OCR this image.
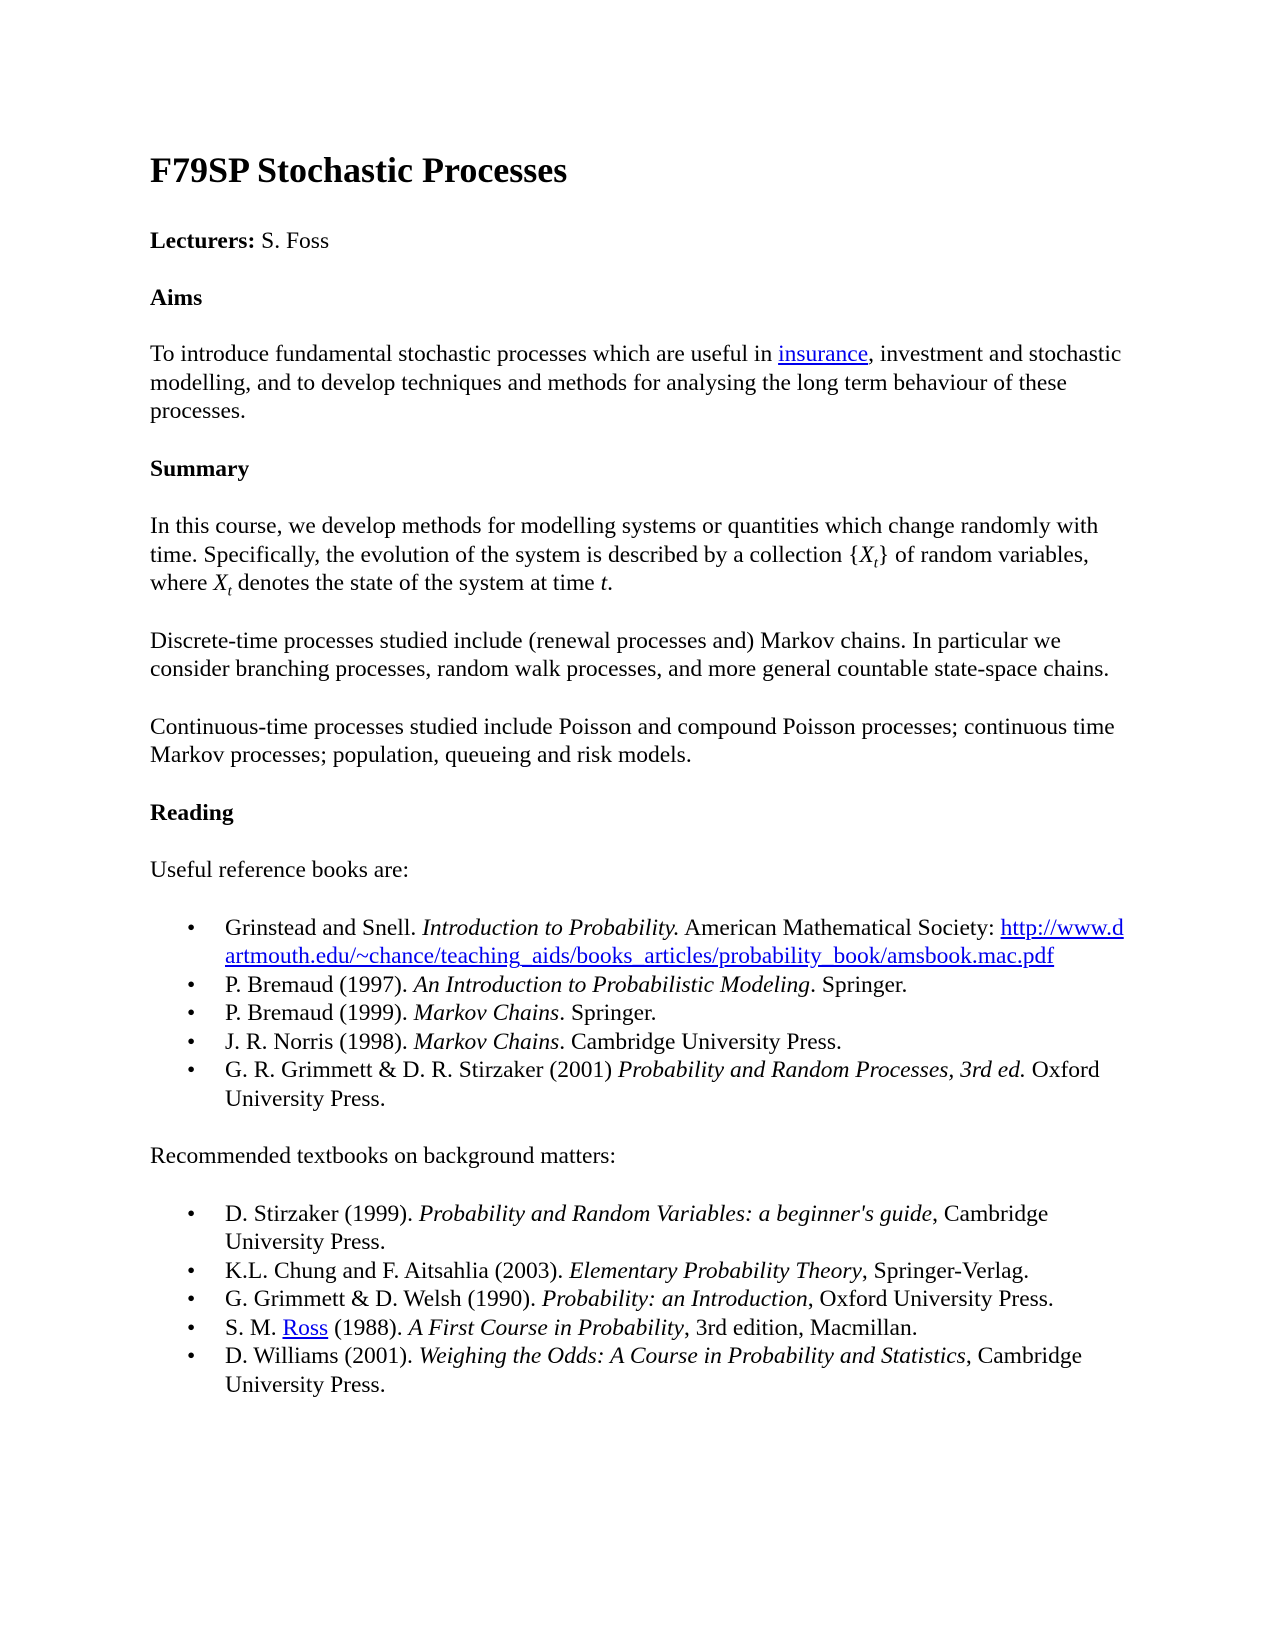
F79SP Stochastic Processes

Lecturers: S. Foss

Aims

To introduce fundamental stochastic processes which are useful in insurance, investment and stochastic modelling, and to develop techniques and methods for analysing the long term behaviour of these processes.

Summary

In this course, we develop methods for modelling systems or quantities which change randomly with time. Specifically, the evolution of the system is described by a collection $\{X_t\}$ of random variables, where $X_t$ denotes the state of the system at time t.

Discrete-time processes studied include (renewal processes and) Markov chains. In particular we consider branching processes, random walk processes, and more general countable state-space chains.

Continuous-time processes studied include Poisson and compound Poisson processes; continuous time Markov processes; population, queueing and risk models.

Reading

Useful reference books are:

• Grinstead and Snell. Introduction to Probability. American Mathematical Society: http://www.dartmouth.edu/~chance/teaching_aids/books_articles/probability_book/amsbook.mac.pdf
• P. Bremaud (1997). An Introduction to Probabilistic Modeling. Springer.
• P. Bremaud (1999). Markov Chains. Springer.
• J. R. Norris (1998). Markov Chains. Cambridge University Press.
• G. R. Grimmett & D. R. Stirzaker (2001) Probability and Random Processes, 3rd ed. Oxford University Press.

Recommended textbooks on background matters:

• D. Stirzaker (1999). Probability and Random Variables: a beginner's guide, Cambridge University Press.
• K.L. Chung and F. Aitsahlia (2003). Elementary Probability Theory, Springer-Verlag.
• G. Grimmett & D. Welsh (1990). Probability: an Introduction, Oxford University Press.
• S. M. Ross (1988). A First Course in Probability, 3rd edition, Macmillan.
• D. Williams (2001). Weighing the Odds: A Course in Probability and Statistics, Cambridge University Press.
